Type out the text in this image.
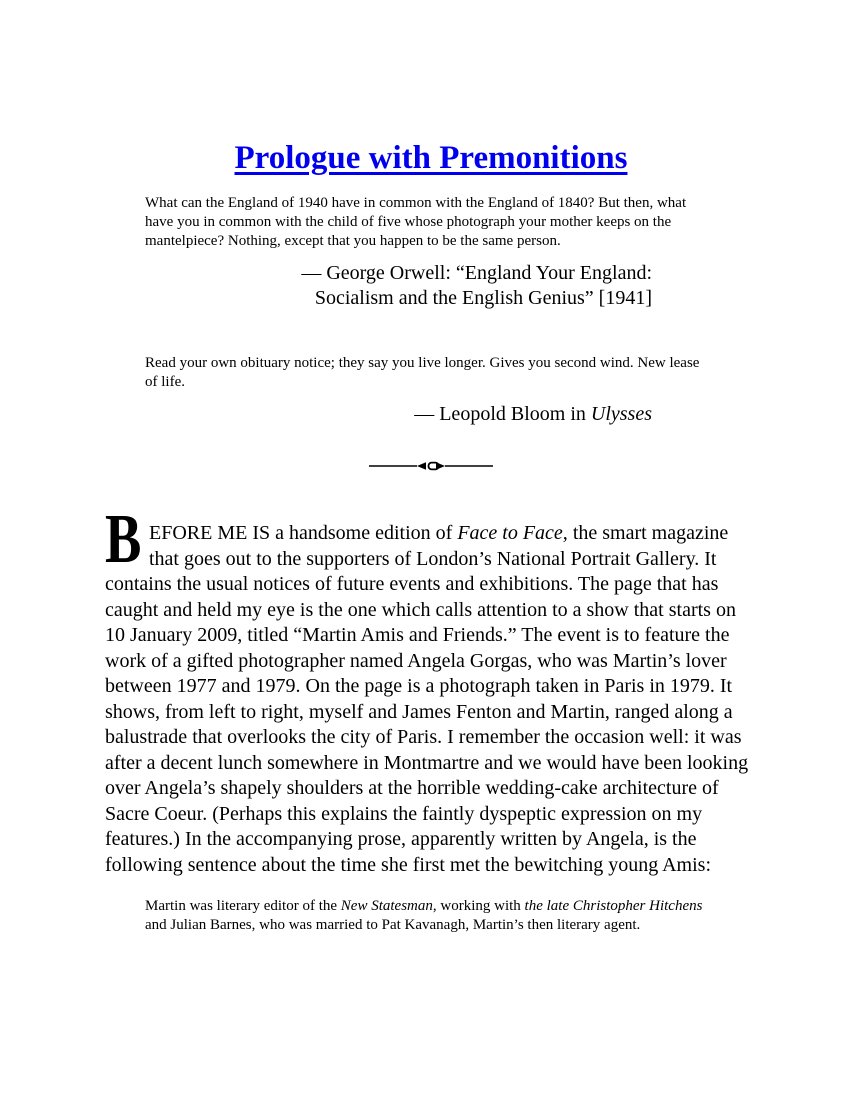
Prologue with Premonitions

What can the England of 1940 have in common with the England of 1840? But then, what have you in common with the child of five whose photograph your mother keeps on the mantelpiece? Nothing, except that you happen to be the same person.

— George Orwell: “England Your England:
Socialism and the English Genius” [1941]

Read your own obituary notice; they say you live longer. Gives you second wind. New lease of life.

— Leopold Bloom in Ulysses

BEFORE ME IS a handsome edition of Face to Face, the smart magazine that goes out to the supporters of London’s National Portrait Gallery. It contains the usual notices of future events and exhibitions. The page that has caught and held my eye is the one which calls attention to a show that starts on 10 January 2009, titled “Martin Amis and Friends.” The event is to feature the work of a gifted photographer named Angela Gorgas, who was Martin’s lover between 1977 and 1979. On the page is a photograph taken in Paris in 1979. It shows, from left to right, myself and James Fenton and Martin, ranged along a balustrade that overlooks the city of Paris. I remember the occasion well: it was after a decent lunch somewhere in Montmartre and we would have been looking over Angela’s shapely shoulders at the horrible wedding-cake architecture of Sacre Coeur. (Perhaps this explains the faintly dyspeptic expression on my features.) In the accompanying prose, apparently written by Angela, is the following sentence about the time she first met the bewitching young Amis:

Martin was literary editor of the New Statesman, working with the late Christopher Hitchens and Julian Barnes, who was married to Pat Kavanagh, Martin’s then literary agent.
